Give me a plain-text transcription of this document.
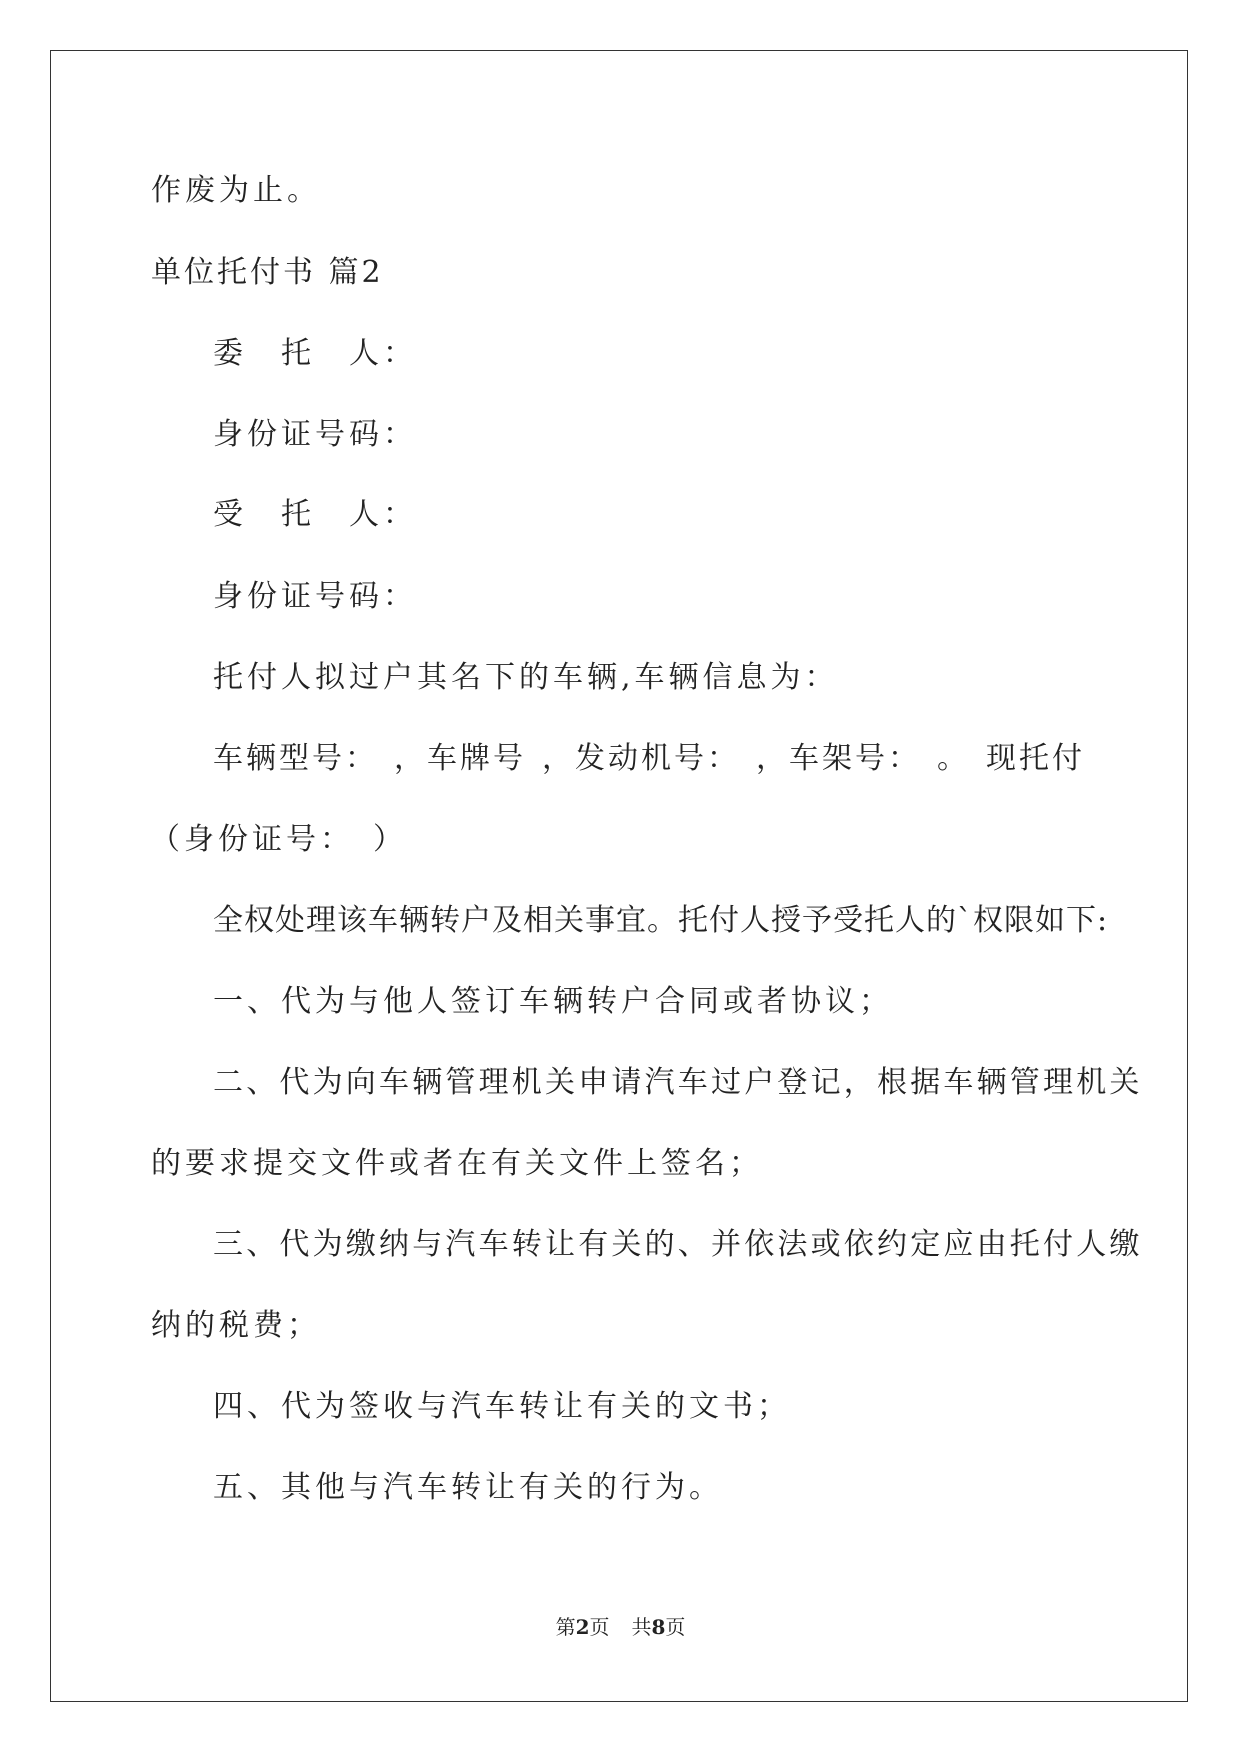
作废为止。
单位托付书 篇2
委　托　人：
身份证号码：
受　托　人：
身份证号码：
托付人拟过户其名下的车辆,车辆信息为：
车辆型号： ，车牌号 ，发动机号： ，车架号： 。 现托付
（身份证号：　）
全权处理该车辆转户及相关事宜。托付人授予受托人的`权限如下:
一、代为与他人签订车辆转户合同或者协议；
二、代为向车辆管理机关申请汽车过户登记，根据车辆管理机关
的要求提交文件或者在有关文件上签名；
三、代为缴纳与汽车转让有关的、并依法或依约定应由托付人缴
纳的税费；
四、代为签收与汽车转让有关的文书；
五、其他与汽车转让有关的行为。
第2页 共8页
